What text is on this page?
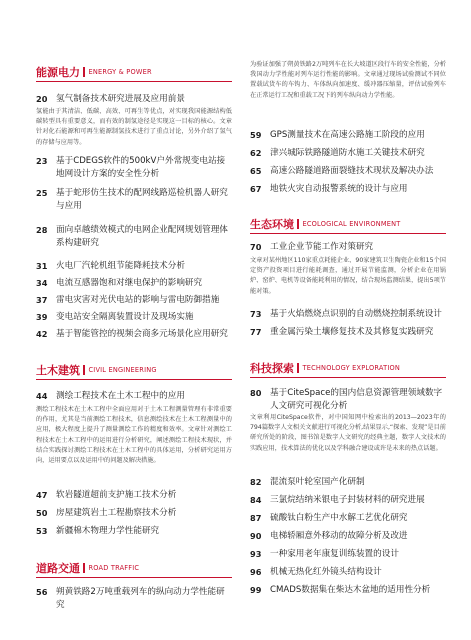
能源电力 ENERGY & POWER
20 氢气制备技术研究进展及应用前景
氢能由于其清洁、低碳、高效、可再生等优点，对实现我国能源结构低碳转型具有重要意义，而有效的制氢途径是实现这一目标的核心。文章针对化石能源和可再生能源制氢技术进行了重点讨论，另外介绍了氢气的存储与应用等。
23 基于CDEGS软件的500kV户外常规变电站接地网设计方案的安全性分析
25 基于蛇形仿生技术的配网线路巡检机器人研究与应用
28 面向卓越绩效模式的电网企业配网规划管理体系构建研究
31 火电厂汽轮机组节能降耗技术分析
34 电流互感器饱和对继电保护的影响研究
37 雷电灾害对光伏电站的影响与雷电防御措施
39 变电站安全隔离装置设计及现场实施
42 基于智能管控的视频会商多元场景化应用研究
土木建筑 CIVIL ENGINEERING
44 测绘工程技术在土木工程中的应用
测绘工程技术在土木工程中全面应用对于土木工程测量管理有非常重要的作用，尤其是当前测绘工程技术，信息测绘技术在土木工程测量中的应用，极大程度上提升了测量测绘工作的精度和效率。文章针对测绘工程技术在土木工程中的运用进行分析研究，阐述测绘工程技术现状，并结合实践探讨测绘工程技术在土木工程中的具体运用，分析研究运用方向，运用要点以及运用中的问题及解决措施。
47 软岩隧道超前支护施工技术分析
50 房屋建筑岩土工程勘察技术分析
53 新疆棉木物理力学性能研究
道路交通 ROAD TRAFFIC
56 朔黄铁路2万吨重载列车的纵向动力学性能研究
为验证加强了朔黄铁路2万吨列车在长大坡道区段行车的安全性能，分析我国动力学性能对列车运行性能的影响。文章通过现场试验测试不同位置载试货车的车钩力、车体纵向加速度、缓冲器压缩量，评估试验列车在正常运行工况和重载工况下的列车纵向动力学性能。
59 GPS测量技术在高速公路施工阶段的应用
62 津兴城际铁路隧道防水施工关键技术研究
65 高速公路隧道路面裂缝技术现状及解决办法
67 地铁火灾自动报警系统的设计与应用
生态环境 ECOLOGICAL ENVIRONMENT
70 工业企业节能工作对策研究
文章对某州地区110家重点耗能企业、90家建筑卫生陶瓷企业和15个国定资产投资项目进行能耗调查，通过开展节能监测，分析企业在用锅炉、窑炉、电机等设备能耗利用的情况，结合现场监测结果，提出5项节能对策。
73 基于火焰燃烧点识别的自动燃烧控制系统设计
77 重金属污染土壤修复技术及其修复实践研究
科技探索 TECHNOLOGY EXPLORATION
80 基于CiteSpace的国内信息资源管理领域数字人文研究可视化分析
文章利用CiteSpace软件，对中国知网中检索出的2013—2023年的794篇数字人文相关文献进行可视化分析,结果显示,“探索、发现”是目前研究所处的阶段，图书馆是数字人文研究的经典主题，数字人文技术的实践应用，技术算法的优化以及学科融合建设或许是未来的热点话题。
82 混流泵叶轮室国产化研制
84 三氯烷结纳米银电子封装材料的研究进展
87 硫酸钛白粉生产中水解工艺优化研究
90 电梯轿厢意外移动的故障分析及改进
93 一种家用老年康复训练装置的设计
96 机械无热化红外镜头结构设计
99 CMADS数据集在柴达木盆地的适用性分析
